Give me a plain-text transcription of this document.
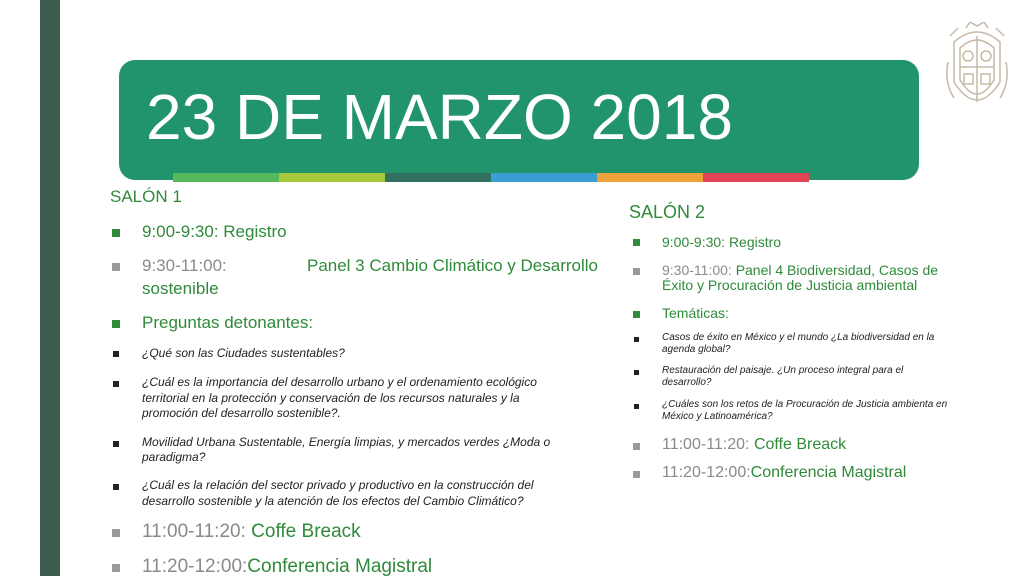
23 DE MARZO 2018
SALÓN 1
9:00-9:30: Registro
9:30-11:00:	Panel 3 Cambio Climático y Desarrollo
sostenible
Preguntas detonantes:
¿Qué son las Ciudades sustentables?
¿Cuál es la importancia del desarrollo urbano y el ordenamiento ecológico
territorial en la protección y conservación de los recursos naturales y la
promoción del desarrollo sostenible?.
Movilidad Urbana Sustentable, Energía limpias, y mercados verdes ¿Moda o
paradigma?
¿Cuál es la relación del sector privado y productivo en la construcción del
desarrollo sostenible y la atención de los efectos del Cambio Climático?
11:00-11:20: Coffe Breack
11:20-12:00:Conferencia Magistral
SALÓN 2
9:00-9:30: Registro
9:30-11:00: Panel 4 Biodiversidad, Casos de
Éxito y Procuración de Justicia ambiental
Temáticas:
Casos de éxito en México y el mundo ¿La biodiversidad en la
agenda global?
Restauración del paisaje. ¿Un proceso integral para el
desarrollo?
¿Cuáles son los retos de la Procuración de Justicia ambienta en
México y Latinoamérica?
11:00-11:20: Coffe Breack
11:20-12:00:Conferencia Magistral
